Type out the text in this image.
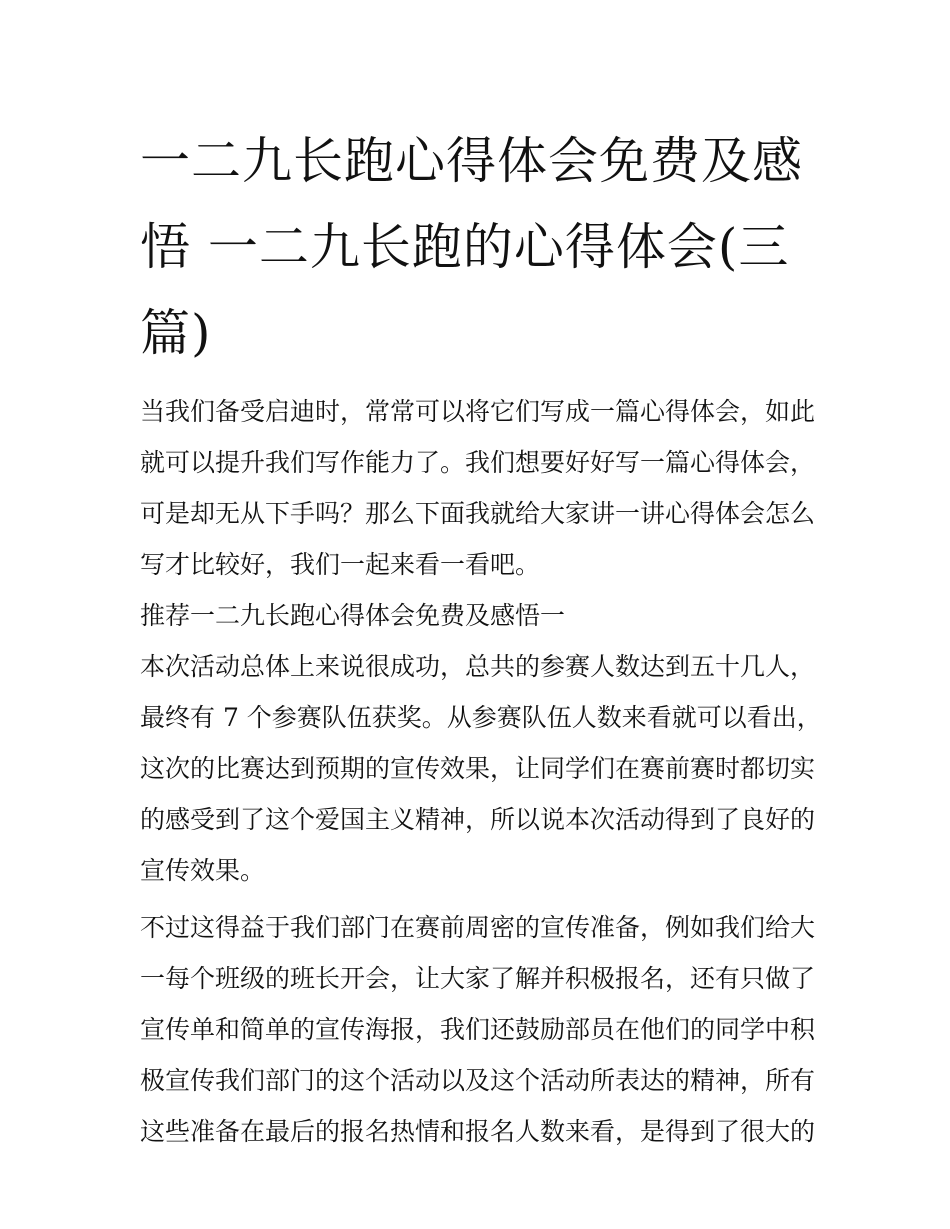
一二九长跑心得体会免费及感
悟 一二九长跑的心得体会(三
篇)

当我们备受启迪时，常常可以将它们写成一篇心得体会，如此
就可以提升我们写作能力了。我们想要好好写一篇心得体会，
可是却无从下手吗？那么下面我就给大家讲一讲心得体会怎么
写才比较好，我们一起来看一看吧。

推荐一二九长跑心得体会免费及感悟一

本次活动总体上来说很成功，总共的参赛人数达到五十几人，
最终有 7 个参赛队伍获奖。从参赛队伍人数来看就可以看出，
这次的比赛达到预期的宣传效果，让同学们在赛前赛时都切实
的感受到了这个爱国主义精神，所以说本次活动得到了良好的
宣传效果。

不过这得益于我们部门在赛前周密的宣传准备，例如我们给大
一每个班级的班长开会，让大家了解并积极报名，还有只做了
宣传单和简单的宣传海报，我们还鼓励部员在他们的同学中积
极宣传我们部门的这个活动以及这个活动所表达的精神，所有
这些准备在最后的报名热情和报名人数来看，是得到了很大的
